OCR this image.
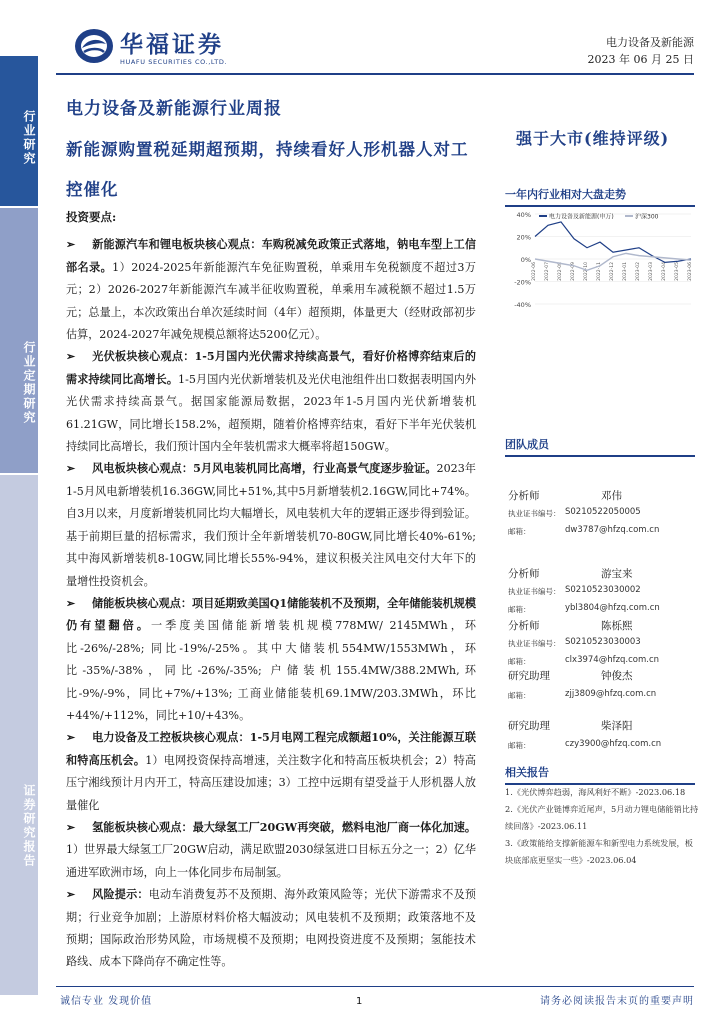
行业研究
行业定期研究
证券研究报告
华福证券
HUAFU SECURITIES CO.,LTD.
电力设备及新能源
2023 年 06 月 25 日
电力设备及新能源行业周报
新能源购置税延期超预期，持续看好人形机器人对工控催化
强于大市(维持评级)
投资要点:
➢ 新能源汽车和锂电板块核心观点：车购税减免政策正式落地，钠电车型上工信部名录。1）2024-2025年新能源汽车免征购置税，单乘用车免税额度不超过3万元；2）2026-2027年新能源汽车减半征收购置税，单乘用车减税额不超过1.5万元；总量上，本次政策出台单次延续时间（4年）超预期，体量更大（经财政部初步估算，2024-2027年减免规模总额将达5200亿元）。
➢ 光伏板块核心观点：1-5月国内光伏需求持续高景气，看好价格博弈结束后的需求持续同比高增长。1-5月国内光伏新增装机及光伏电池组件出口数据表明国内外光伏需求持续高景气。据国家能源局数据，2023年1-5月国内光伏新增装机61.21GW，同比增长158.2%，超预期，随着价格博弈结束，看好下半年光伏装机持续同比高增长，我们预计国内全年装机需求大概率将超150GW。
➢ 风电板块核心观点：5月风电装机同比高增，行业高景气度逐步验证。2023年1-5月风电新增装机16.36GW,同比+51%,其中5月新增装机2.16GW,同比+74%。自3月以来，月度新增装机同比均大幅增长，风电装机大年的逻辑正逐步得到验证。基于前期巨量的招标需求，我们预计全年新增装机70-80GW,同比增长40%-61%;其中海风新增装机8-10GW,同比增长55%-94%，建议积极关注风电交付大年下的量增性投资机会。
➢ 储能板块核心观点：项目延期致美国Q1储能装机不及预期，全年储能装机规模仍有望翻倍。一季度美国储能新增装机规模778MW/ 2145MWh，环比-26%/-28%; 同比-19%/-25%。其中大储装机554MW/1553MWh，环比-35%/-38%，同比-26%/-35%; 户储装机155.4MW/388.2MWh,环比-9%/-9%，同比+7%/+13%; 工商业储能装机69.1MW/203.3MWh，环比+44%/+112%，同比+10/+43%。
➢ 电力设备及工控板块核心观点：1-5月电网工程完成额超10%，关注能源互联和特高压机会。1）电网投资保持高增速，关注数字化和特高压板块机会；2）特高压宁湘线预计月内开工，特高压建设加速；3）工控中远期有望受益于人形机器人放量催化
➢ 氢能板块核心观点：最大绿氢工厂20GW再突破，燃料电池厂商一体化加速。1）世界最大绿氢工厂20GW启动，满足欧盟2030绿氢进口目标五分之一；2）亿华通进军欧洲市场，向上一体化同步布局制氢。
➢ 风险提示：电动车消费复苏不及预期、海外政策风险等；光伏下游需求不及预期；行业竞争加剧；上游原材料价格大幅波动；风电装机不及预期；政策落地不及预期；国际政治形势风险，市场规模不及预期；电网投资进度不及预期；氢能技术路线、成本下降尚存不确定性等。
一年内行业相对大盘走势
40%
20%
0%
-20%
-40%
2022-06 2022-07 2022-08 2022-09 2022-10 2022-11 2022-12 2023-01 2023-02 2023-03 2023-04 2023-05 2023-06
电力设备及新能源(申万)	沪深300
团队成员
分析师	邓伟
执业证书编号： S0210522050005
邮箱：	dw3787@hfzq.com.cn
分析师	游宝来
执业证书编号： S0210523030002
邮箱：	ybl3804@hfzq.com.cn
分析师	陈栎熙
执业证书编号： S0210523030003
邮箱：	clx3974@hfzq.com.cn
研究助理	钟俊杰
邮箱：	zjj3809@hfzq.com.cn
研究助理	柴泽阳
邮箱：	czy3900@hfzq.com.cn
相关报告
1.《光伏博弈趋弱，海风利好不断》-2023.06.18
2.《光伏产业链博弈近尾声，5月动力锂电储能销比持续回落》-2023.06.11
3.《政策能给支撑新能源车和新型电力系统发展，板块底部底更坚实一些》-2023.06.04
诚信专业 发现价值	1	请务必阅读报告末页的重要声明
